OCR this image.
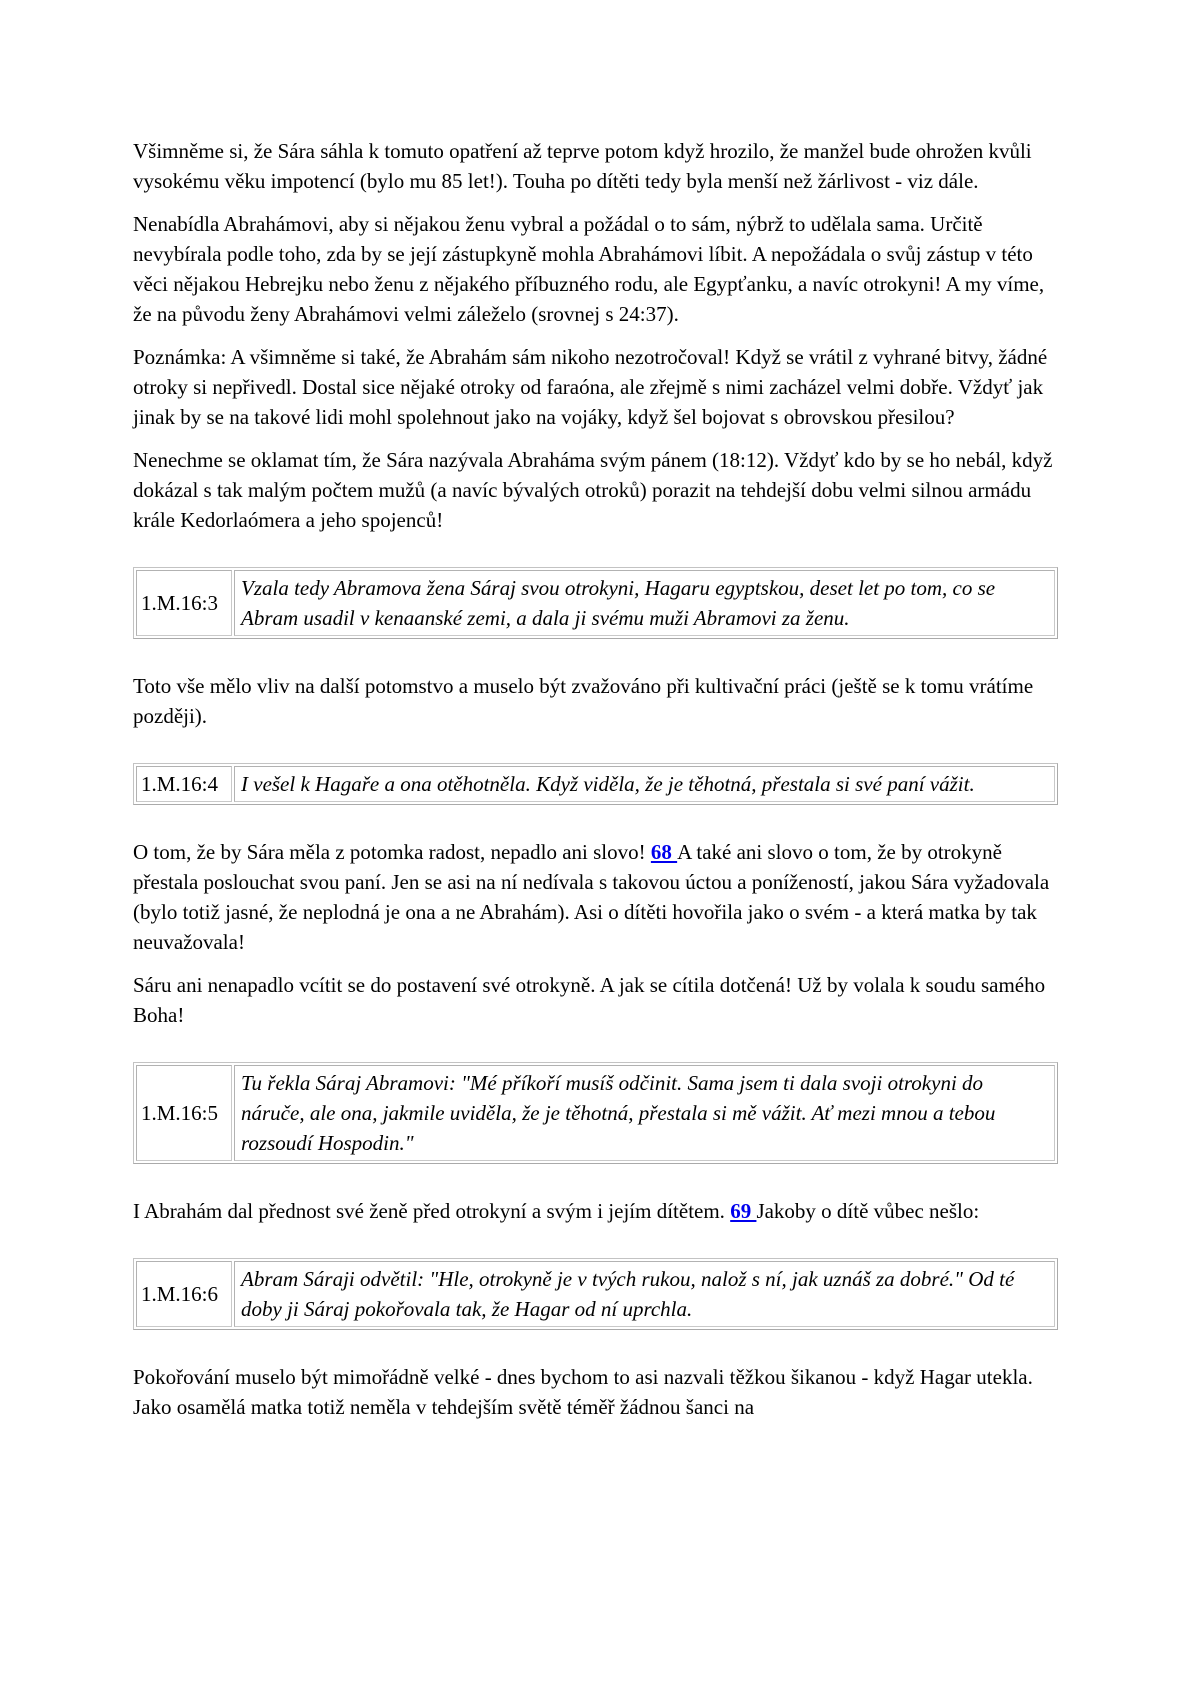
Všimněme si, že Sára sáhla k tomuto opatření až teprve potom když hrozilo, že manžel bude ohrožen kvůli vysokému věku impotencí (bylo mu 85 let!). Touha po dítěti tedy byla menší než žárlivost - viz dále.

Nenabídla Abrahámovi, aby si nějakou ženu vybral a požádal o to sám, nýbrž to udělala sama. Určitě nevybírala podle toho, zda by se její zástupkyně mohla Abrahámovi líbit. A nepožádala o svůj zástup v této věci nějakou Hebrejku nebo ženu z nějakého příbuzného rodu, ale Egypťanku, a navíc otrokyni! A my víme, že na původu ženy Abrahámovi velmi záleželo (srovnej s 24:37).

Poznámka: A všimněme si také, že Abrahám sám nikoho nezotročoval! Když se vrátil z vyhrané bitvy, žádné otroky si nepřivedl. Dostal sice nějaké otroky od faraóna, ale zřejmě s nimi zacházel velmi dobře. Vždyť jak jinak by se na takové lidi mohl spolehnout jako na vojáky, když šel bojovat s obrovskou přesilou?

Nenechme se oklamat tím, že Sára nazývala Abraháma svým pánem (18:12). Vždyť kdo by se ho nebál, když dokázal s tak malým počtem mužů (a navíc bývalých otroků) porazit na tehdejší dobu velmi silnou armádu krále Kedorlaómera a jeho spojenců!

1.M.16:3	Vzala tedy Abramova žena Sáraj svou otrokyni, Hagaru egyptskou, deset let po tom, co se Abram usadil v kenaanské zemi, a dala ji svému muži Abramovi za ženu.

Toto vše mělo vliv na další potomstvo a muselo být zvažováno při kultivační práci (ještě se k tomu vrátíme později).

1.M.16:4	I vešel k Hagaře a ona otěhotněla. Když viděla, že je těhotná, přestala si své paní vážit.

O tom, že by Sára měla z potomka radost, nepadlo ani slovo! 68 A také ani slovo o tom, že by otrokyně přestala poslouchat svou paní. Jen se asi na ní nedívala s takovou úctou a ponížeností, jakou Sára vyžadovala (bylo totiž jasné, že neplodná je ona a ne Abrahám). Asi o dítěti hovořila jako o svém - a která matka by tak neuvažovala!

Sáru ani nenapadlo vcítit se do postavení své otrokyně. A jak se cítila dotčená! Už by volala k soudu samého Boha!

1.M.16:5	Tu řekla Sáraj Abramovi: "Mé příkoří musíš odčinit. Sama jsem ti dala svoji otrokyni do náruče, ale ona, jakmile uviděla, že je těhotná, přestala si mě vážit. Ať mezi mnou a tebou rozsoudí Hospodin."

I Abrahám dal přednost své ženě před otrokyní a svým i jejím dítětem. 69 Jakoby o dítě vůbec nešlo:

1.M.16:6	Abram Sáraji odvětil: "Hle, otrokyně je v tvých rukou, nalož s ní, jak uznáš za dobré." Od té doby ji Sáraj pokořovala tak, že Hagar od ní uprchla.

Pokořování muselo být mimořádně velké - dnes bychom to asi nazvali těžkou šikanou - když Hagar utekla. Jako osamělá matka totiž neměla v tehdejším světě téměř žádnou šanci na
